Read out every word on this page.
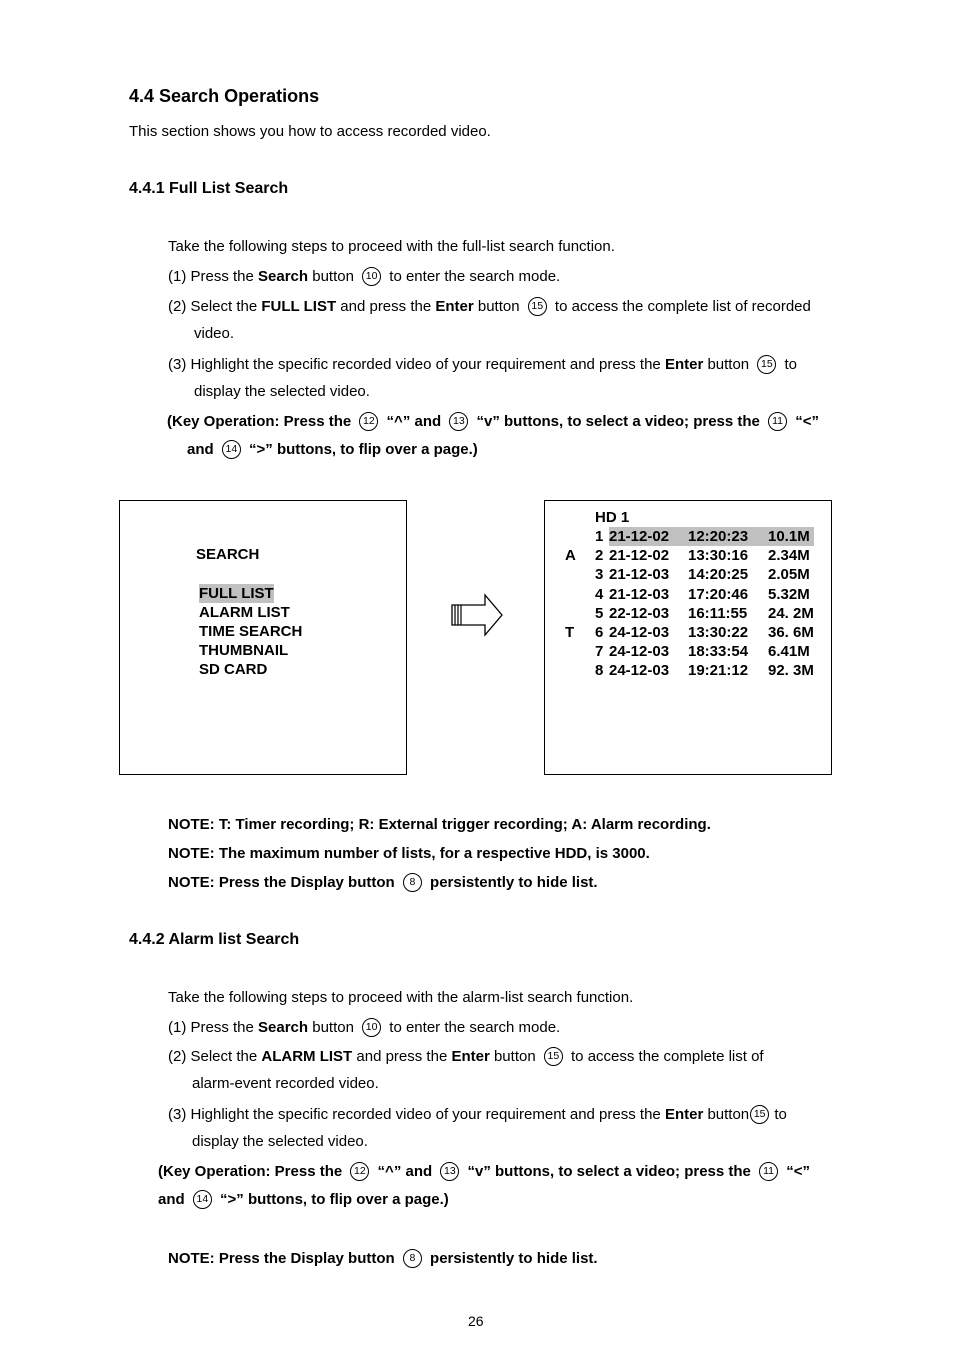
4.4 Search Operations
This section shows you how to access recorded video.
4.4.1 Full List Search
Take the following steps to proceed with the full-list search function.
(1) Press the Search button 10 to enter the search mode.
(2) Select the FULL LIST and press the Enter button 15 to access the complete list of recorded
video.
(3) Highlight the specific recorded video of your requirement and press the Enter button 15 to
display the selected video.
(Key Operation: Press the 12 “^” and 13 “v” buttons, to select a video; press the 11 “<”
and 14 “>” buttons, to flip over a page.)
SEARCH
FULL LIST
ALARM LIST
TIME SEARCH
THUMBNAIL
SD CARD
HD 1
1 21-12-02 12:20:23 10.1M
A 2 21-12-02 13:30:16 2.34M
3 21-12-03 14:20:25 2.05M
4 21-12-03 17:20:46 5.32M
5 22-12-03 16:11:55 24. 2M
T 6 24-12-03 13:30:22 36. 6M
7 24-12-03 18:33:54 6.41M
8 24-12-03 19:21:12 92. 3M
NOTE: T: Timer recording; R: External trigger recording; A: Alarm recording.
NOTE: The maximum number of lists, for a respective HDD, is 3000.
NOTE: Press the Display button 8 persistently to hide list.
4.4.2 Alarm list Search
Take the following steps to proceed with the alarm-list search function.
(1) Press the Search button 10 to enter the search mode.
(2) Select the ALARM LIST and press the Enter button 15 to access the complete list of
alarm-event recorded video.
(3) Highlight the specific recorded video of your requirement and press the Enter button 15 to
display the selected video.
(Key Operation: Press the 12 “^” and 13 “v” buttons, to select a video; press the 11 “<”
and 14 “>” buttons, to flip over a page.)
NOTE: Press the Display button 8 persistently to hide list.
26
